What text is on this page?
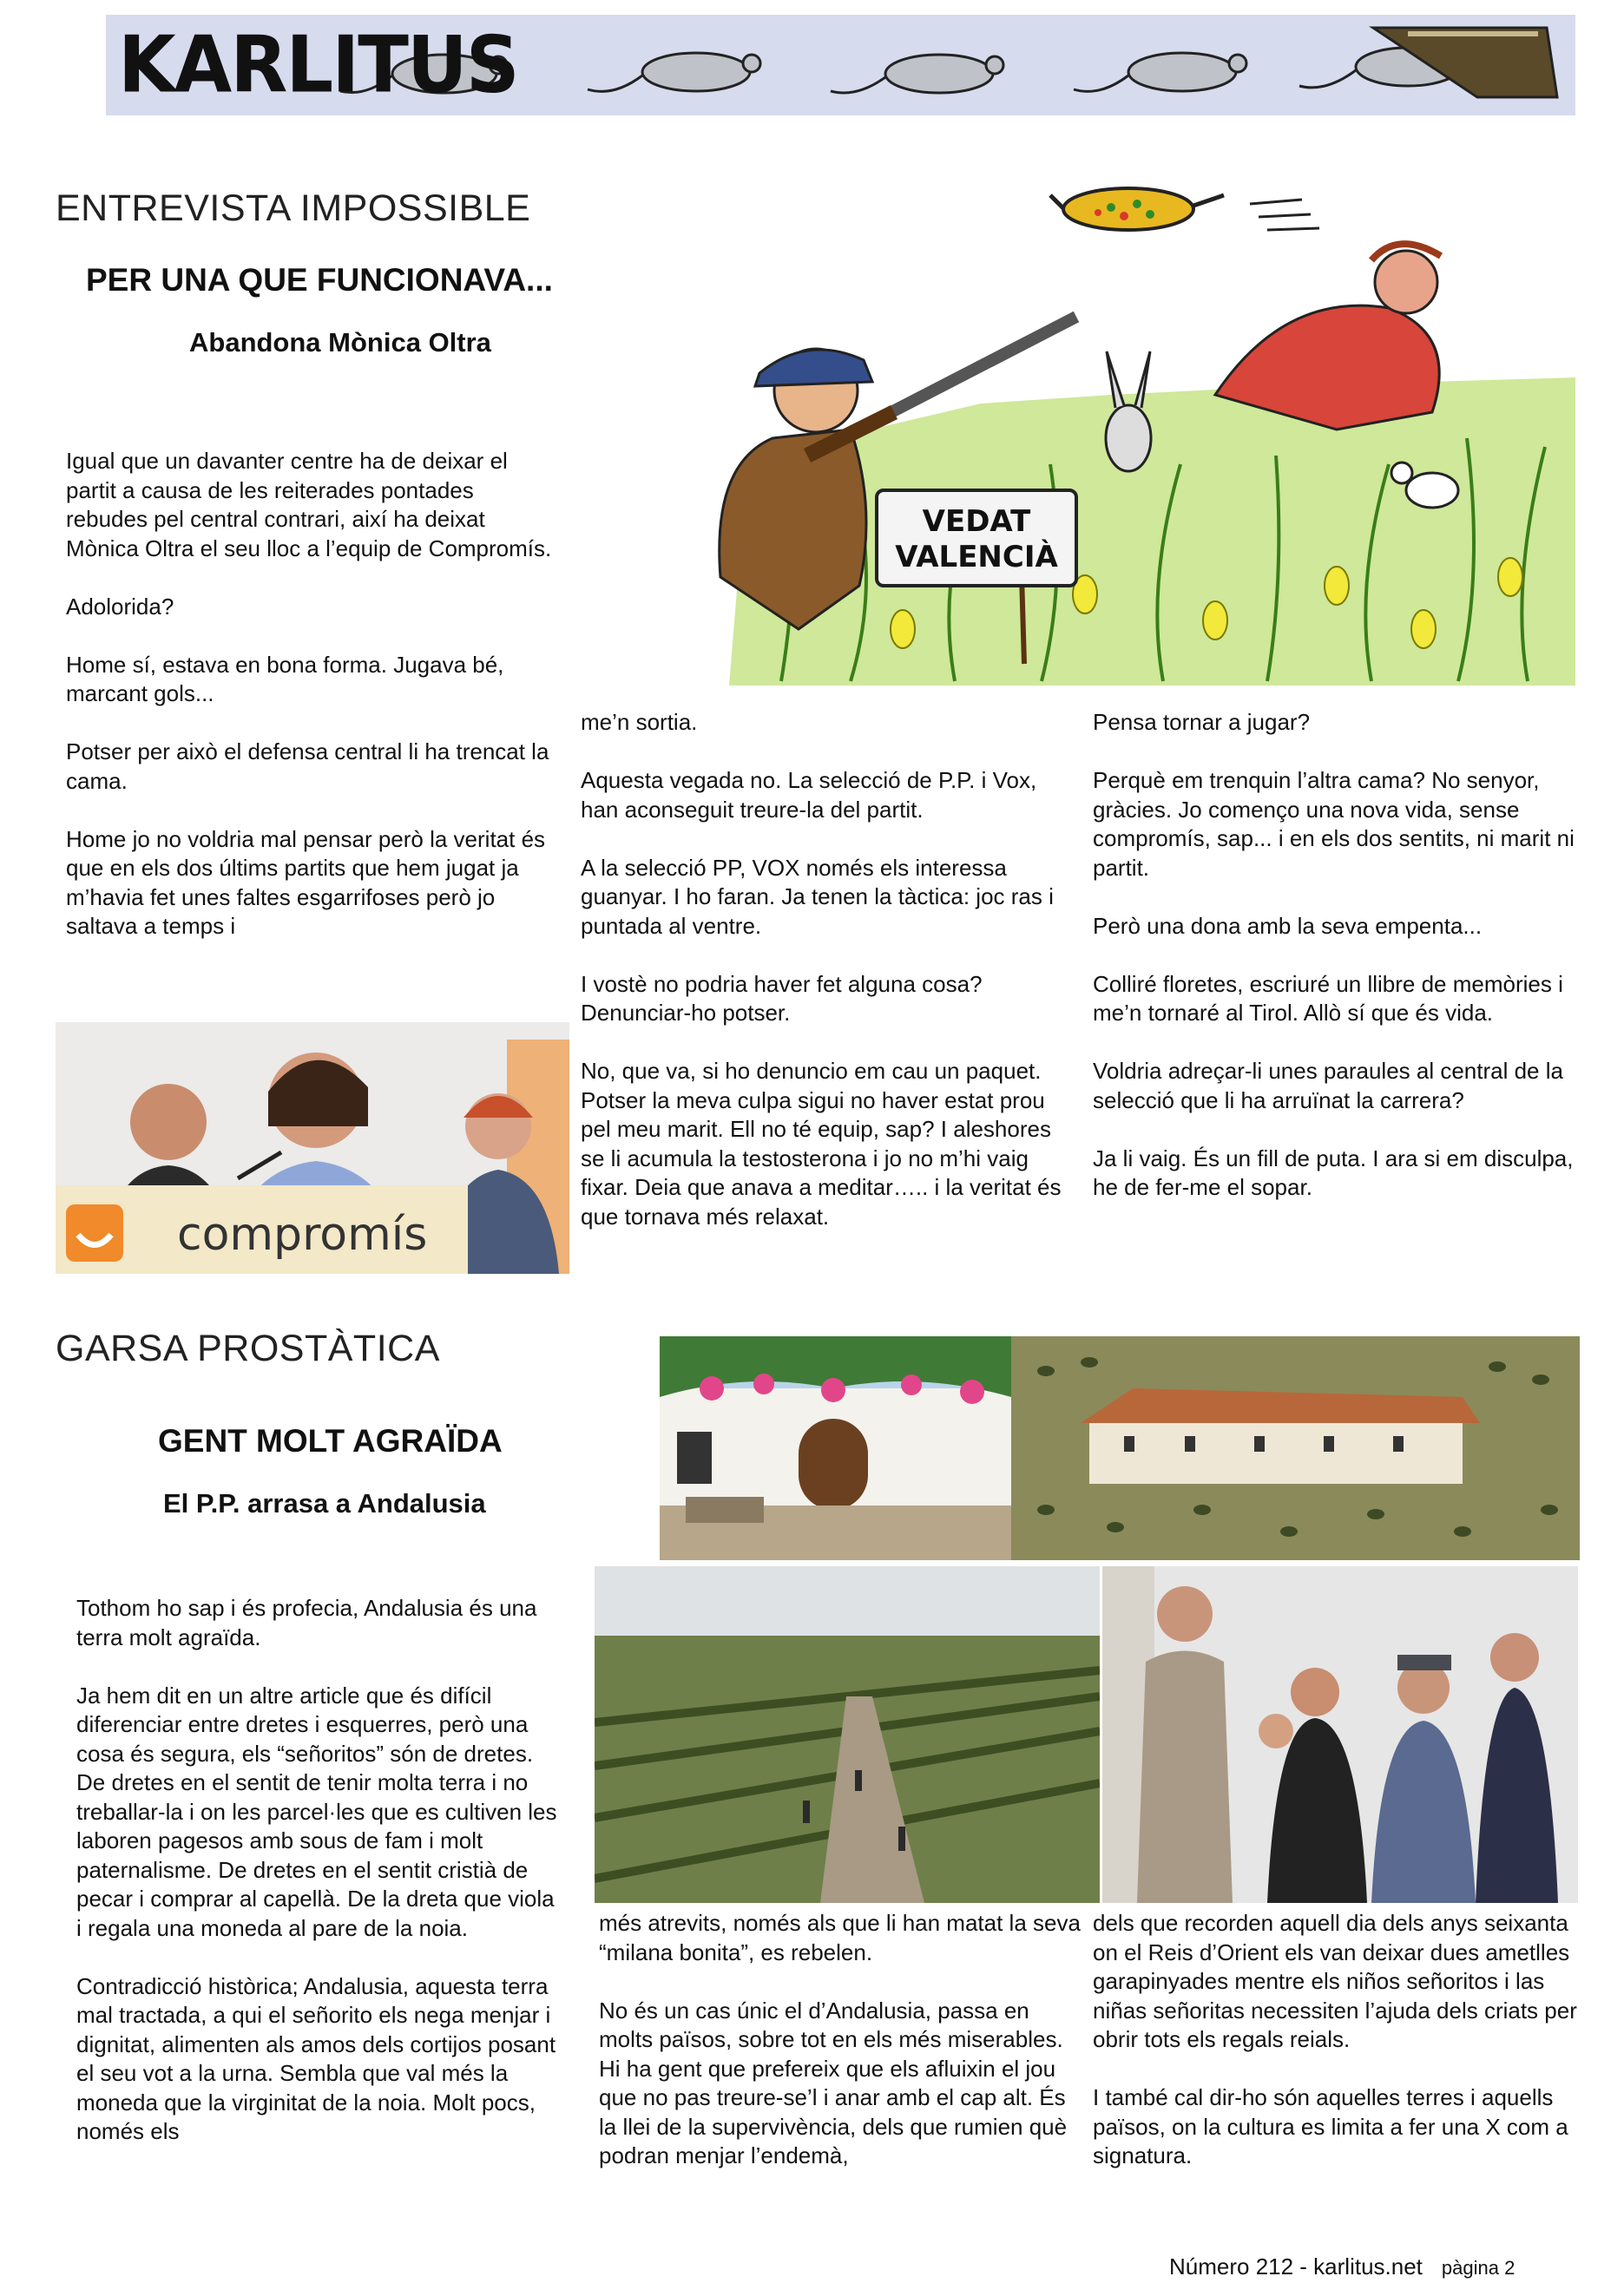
KARLITUS
ENTREVISTA IMPOSSIBLE
PER UNA QUE FUNCIONAVA...
Abandona Mònica Oltra
VEDAT
VALENCIÀ

Igual que un davanter centre ha de deixar el partit a causa de les reiterades pontades rebudes pel central contrari, així ha deixat Mònica Oltra el seu lloc a l’equip de Compromís.

Adolorida?

Home sí, estava en bona forma. Jugava bé, marcant gols...

Potser per això el defensa central li ha trencat la cama.

Home jo no voldria mal pensar però la veritat és que en els dos últims partits que hem jugat ja m’havia fet unes faltes esgarrifoses però jo saltava a temps i

compromís

me’n sortia.

Aquesta vegada no. La selecció de P.P. i Vox, han aconseguit treure-la del partit.

A la selecció PP, VOX només els interessa guanyar. I ho faran. Ja tenen la tàctica: joc ras i puntada al ventre.

I vostè no podria haver fet alguna cosa? Denunciar-ho potser.

No, que va, si ho denuncio em cau un paquet. Potser la meva culpa sigui no haver estat prou pel meu marit. Ell no té equip, sap? I aleshores se li acumula la testosterona i jo no m’hi vaig fixar. Deia que anava a meditar….. i la veritat és que tornava més relaxat.

Pensa tornar a jugar?

Perquè em trenquin l’altra cama? No senyor, gràcies. Jo començo una nova vida, sense compromís, sap... i en els dos sentits, ni marit ni partit.

Però una dona amb la seva empenta...

Colliré floretes, escriuré un llibre de memòries i me’n tornaré al Tirol. Allò sí que és vida.

Voldria adreçar-li unes paraules al central de la selecció que li ha arruïnat la carrera?

Ja li vaig. És un fill de puta. I ara si em disculpa, he de fer-me el sopar.

GARSA PROSTÀTICA
GENT MOLT AGRAÏDA
El P.P. arrasa a Andalusia

Tothom ho sap i és profecia, Andalusia és una terra molt agraïda.

Ja hem dit en un altre article que és difícil diferenciar entre dretes i esquerres, però una cosa és segura, els “señoritos” són de dretes. De dretes en el sentit de tenir molta terra i no treballar-la i on les parcel·les que es cultiven les laboren pagesos amb sous de fam i molt paternalisme. De dretes en el sentit cristià de pecar i comprar al capellà. De la dreta que viola i regala una moneda al pare de la noia.

Contradicció històrica; Andalusia, aquesta terra mal tractada, a qui el señorito els nega menjar i dignitat, alimenten als amos dels cortijos posant el seu vot a la urna. Sembla que val més la moneda que la virginitat de la noia. Molt pocs, només els

més atrevits, només als que li han matat la seva “milana bonita”, es rebelen.

No és un cas únic el d’Andalusia, passa en molts països, sobre tot en els més miserables. Hi ha gent que prefereix que els afluixin el jou que no pas treure-se’l i anar amb el cap alt. És la llei de la supervivència, dels que rumien què podran menjar l’endemà,

dels que recorden aquell dia dels anys seixanta on el Reis d’Orient els van deixar dues ametlles garapinyades mentre els niños señoritos i las niñas señoritas necessiten l’ajuda dels criats per obrir tots els regals reials.

I també cal dir-ho són aquelles terres i aquells països, on la cultura es limita a fer una X com a signatura.

Número 212 - karlitus.net pàgina 2
